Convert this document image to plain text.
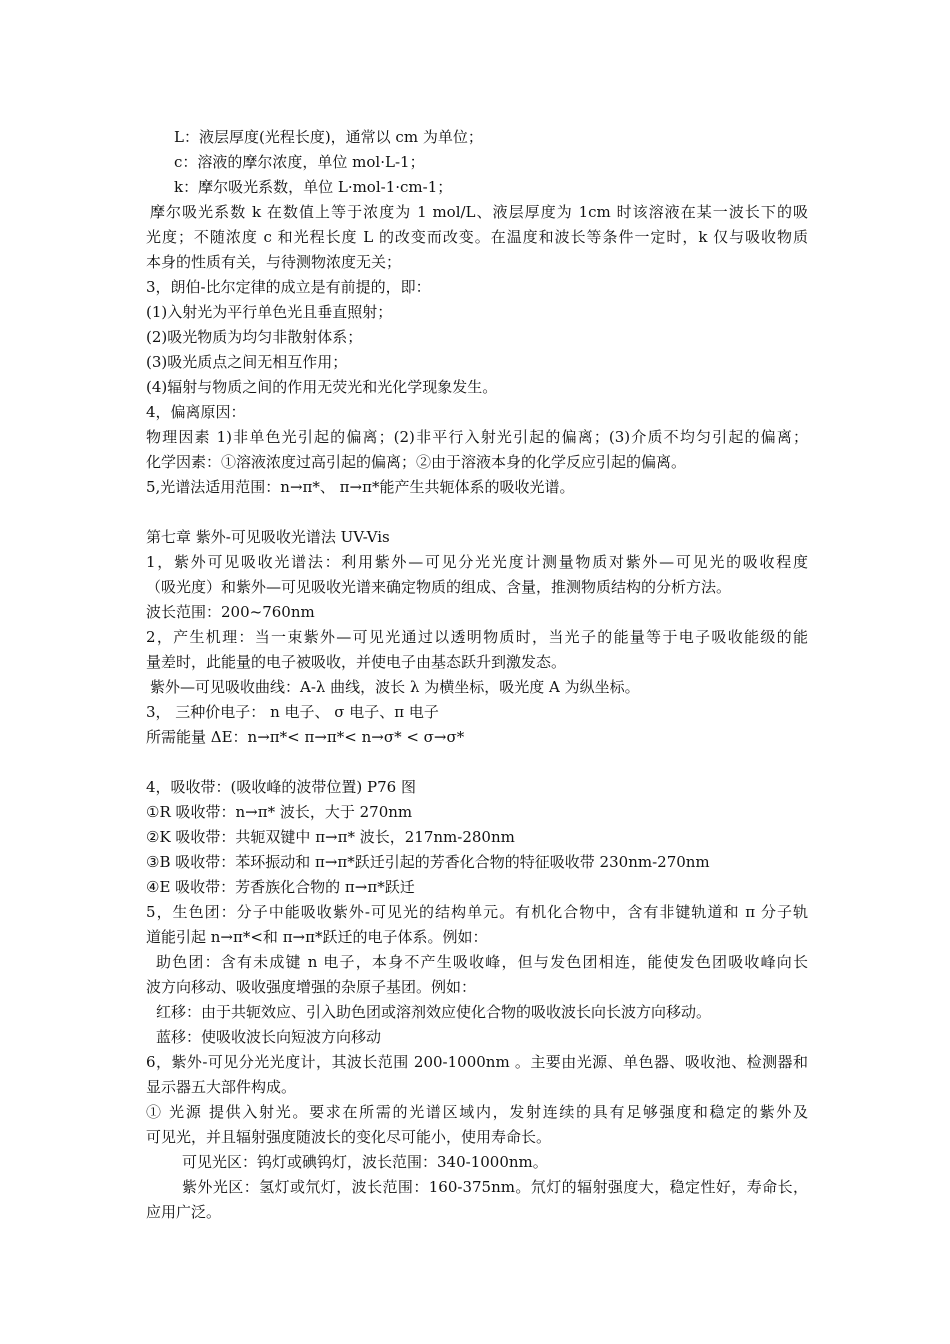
L：液层厚度(光程长度)，通常以 cm 为单位；
c：溶液的摩尔浓度，单位 mol·L-1；
k：摩尔吸光系数，单位 L·mol-1·cm-1；
摩尔吸光系数 k 在数值上等于浓度为 1 mol/L、液层厚度为 1cm 时该溶液在某一波长下的吸
光度；不随浓度 c 和光程长度 L 的改变而改变。在温度和波长等条件一定时，k 仅与吸收物质
本身的性质有关，与待测物浓度无关；
3，朗伯-比尔定律的成立是有前提的，即：
(1)入射光为平行单色光且垂直照射；
(2)吸光物质为均匀非散射体系；
(3)吸光质点之间无相互作用；
(4)辐射与物质之间的作用无荧光和光化学现象发生。
4，偏离原因：
物理因素 1)非单色光引起的偏离；(2)非平行入射光引起的偏离；(3)介质不均匀引起的偏离；
化学因素：①溶液浓度过高引起的偏离；②由于溶液本身的化学反应引起的偏离。
5,光谱法适用范围：n→π*、 π→π*能产生共轭体系的吸收光谱。
第七章 紫外-可见吸收光谱法 UV-Vis
1，紫外可见吸收光谱法：利用紫外—可见分光光度计测量物质对紫外—可见光的吸收程度
（吸光度）和紫外—可见吸收光谱来确定物质的组成、含量，推测物质结构的分析方法。
波长范围：200~760nm
2，产生机理：当一束紫外—可见光通过以透明物质时，当光子的能量等于电子吸收能级的能
量差时，此能量的电子被吸收，并使电子由基态跃升到激发态。
紫外—可见吸收曲线：A-λ 曲线，波长 λ 为横坐标，吸光度 A 为纵坐标。
3， 三种价电子： n 电子、 σ 电子、π 电子
所需能量 ΔE：n→π*< π→π*< n→σ* < σ→σ*
4，吸收带：(吸收峰的波带位置) P76 图
①R 吸收带：n→π* 波长，大于 270nm
②K 吸收带：共轭双键中 π→π* 波长，217nm-280nm
③B 吸收带：苯环振动和 π→π*跃迁引起的芳香化合物的特征吸收带 230nm-270nm
④E 吸收带：芳香族化合物的 π→π*跃迁
5，生色团：分子中能吸收紫外-可见光的结构单元。有机化合物中，含有非键轨道和 π 分子轨
道能引起 n→π*<和 π→π*跃迁的电子体系。例如：
助色团：含有未成键 n 电子，本身不产生吸收峰，但与发色团相连，能使发色团吸收峰向长
波方向移动、吸收强度增强的杂原子基团。例如：
红移：由于共轭效应、引入助色团或溶剂效应使化合物的吸收波长向长波方向移动。
蓝移：使吸收波长向短波方向移动
6，紫外-可见分光光度计，其波长范围 200-1000nm 。主要由光源、单色器、吸收池、检测器和
显示器五大部件构成。
① 光源 提供入射光。要求在所需的光谱区域内，发射连续的具有足够强度和稳定的紫外及
可见光，并且辐射强度随波长的变化尽可能小，使用寿命长。
可见光区：钨灯或碘钨灯，波长范围：340-1000nm。
紫外光区：氢灯或氘灯，波长范围：160-375nm。氘灯的辐射强度大，稳定性好，寿命长，
应用广泛。
